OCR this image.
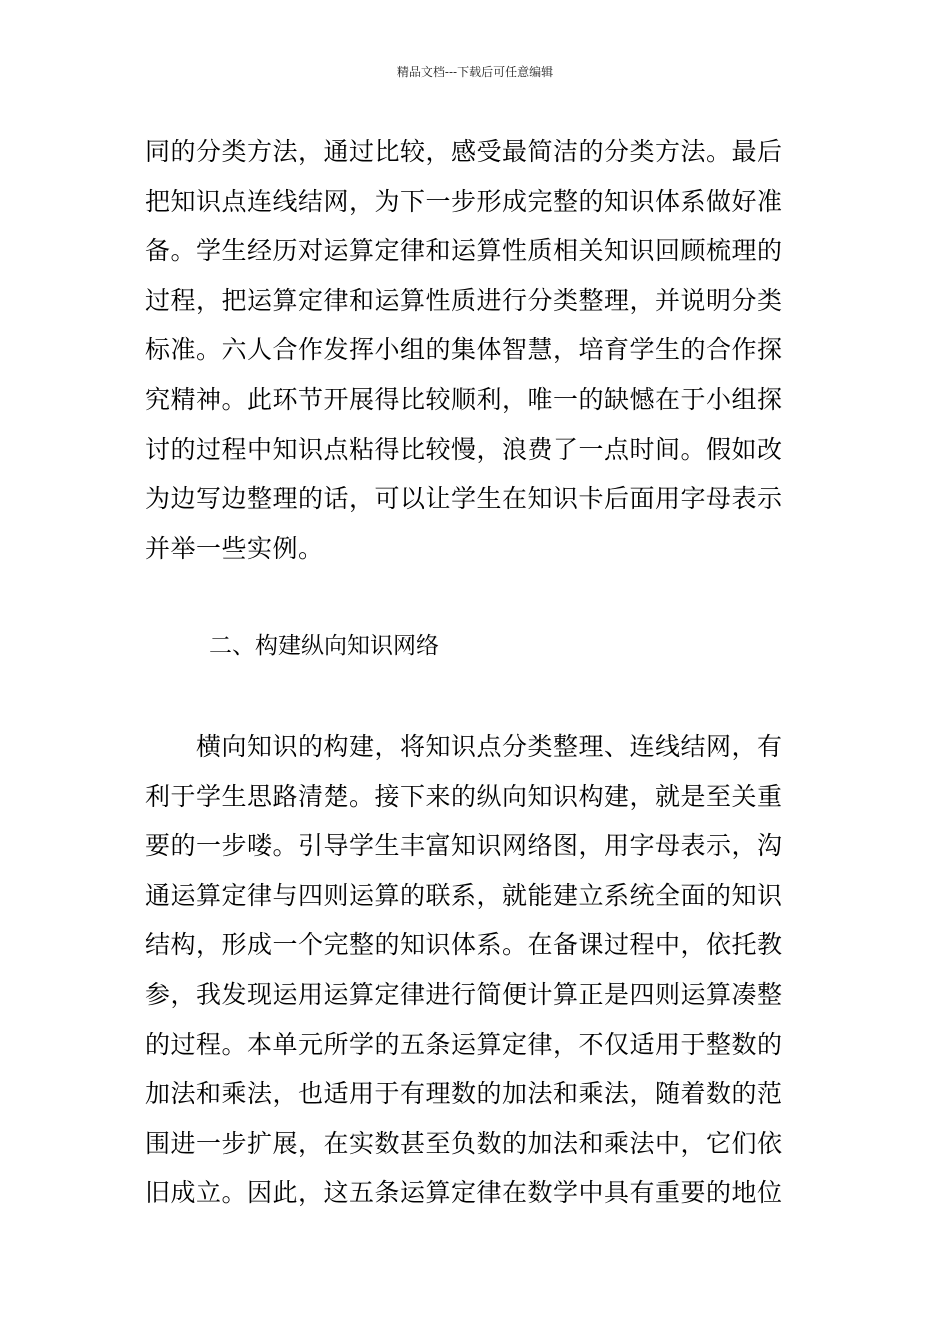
精品文档---下载后可任意编辑
同的分类方法，通过比较，感受最简洁的分类方法。最后
把知识点连线结网，为下一步形成完整的知识体系做好准
备。学生经历对运算定律和运算性质相关知识回顾梳理的
过程，把运算定律和运算性质进行分类整理，并说明分类
标准。六人合作发挥小组的集体智慧，培育学生的合作探
究精神。此环节开展得比较顺利，唯一的缺憾在于小组探
讨的过程中知识点粘得比较慢，浪费了一点时间。假如改
为边写边整理的话，可以让学生在知识卡后面用字母表示
并举一些实例。
二、构建纵向知识网络
　　横向知识的构建，将知识点分类整理、连线结网，有
利于学生思路清楚。接下来的纵向知识构建，就是至关重
要的一步喽。引导学生丰富知识网络图，用字母表示，沟
通运算定律与四则运算的联系，就能建立系统全面的知识
结构，形成一个完整的知识体系。在备课过程中，依托教
参，我发现运用运算定律进行简便计算正是四则运算凑整
的过程。本单元所学的五条运算定律，不仅适用于整数的
加法和乘法，也适用于有理数的加法和乘法，随着数的范
围进一步扩展，在实数甚至负数的加法和乘法中，它们依
旧成立。因此，这五条运算定律在数学中具有重要的地位
